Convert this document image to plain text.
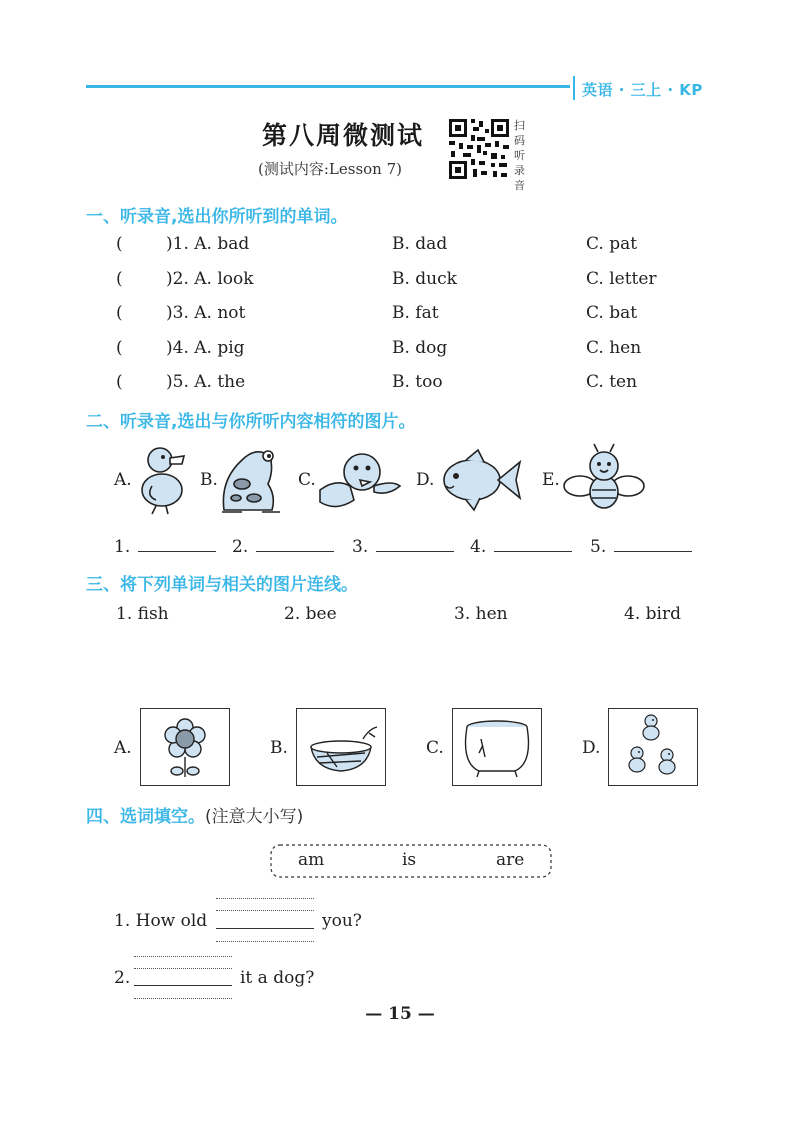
英语 · 三上 · KP
第八周微测试
(测试内容:Lesson 7)
扫码听录音
一、听录音,选出你所听到的单词。
(	)1. A. bad	B. dad	C. pat
(	)2. A. look	B. duck	C. letter
(	)3. A. not	B. fat	C. bat
(	)4. A. pig	B. dog	C. hen
(	)5. A. the	B. too	C. ten
二、听录音,选出与你所听内容相符的图片。
A.	B.	C.	D.	E.
1.	2.	3.	4.	5.
三、将下列单词与相关的图片连线。
1. fish	2. bee	3. hen	4. bird
A.	B.	C.	D.
四、选词填空。(注意大小写)
am	is	are
1. How old	you?
2.	it a dog?
— 15 —
